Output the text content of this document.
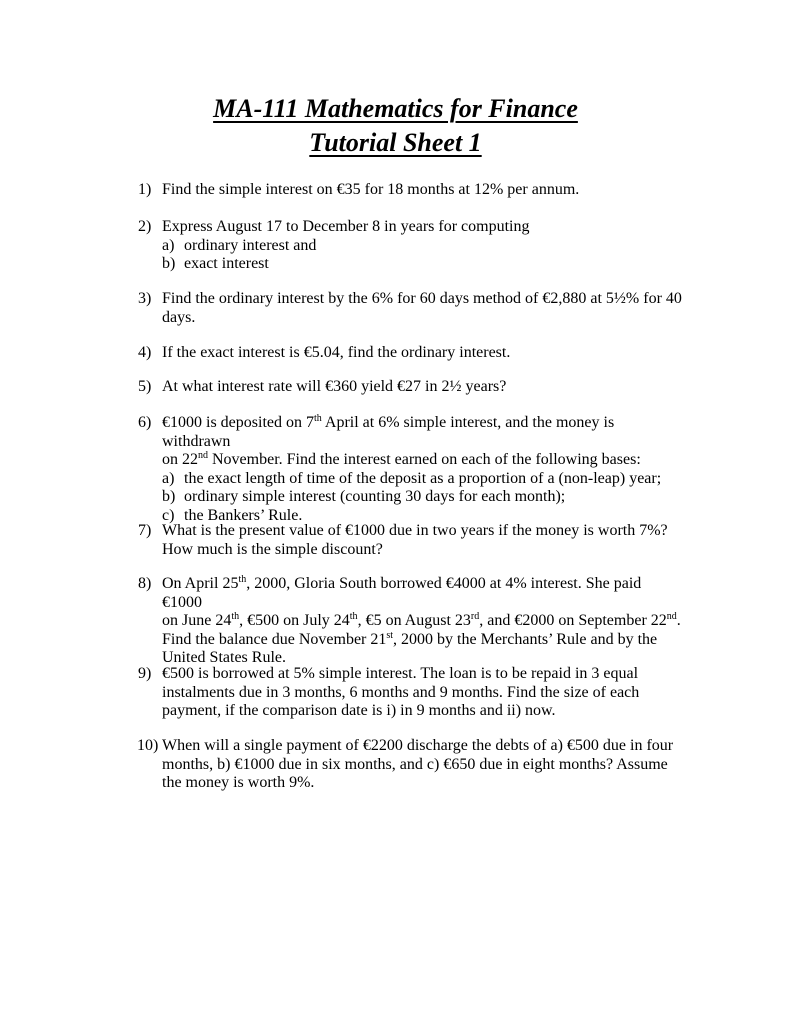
MA-111 Mathematics for Finance
Tutorial Sheet 1
1) Find the simple interest on €35 for 18 months at 12% per annum.
2) Express August 17 to December 8 in years for computing
a) ordinary interest and
b) exact interest
3) Find the ordinary interest by the 6% for 60 days method of €2,880 at 5½% for 40
days.
4) If the exact interest is €5.04, find the ordinary interest.
5) At what interest rate will €360 yield €27 in 2½ years?
6) €1000 is deposited on 7th April at 6% simple interest, and the money is withdrawn
on 22nd November. Find the interest earned on each of the following bases:
a) the exact length of time of the deposit as a proportion of a (non-leap) year;
b) ordinary simple interest (counting 30 days for each month);
c) the Bankers’ Rule.
7) What is the present value of €1000 due in two years if the money is worth 7%?
How much is the simple discount?
8) On April 25th, 2000, Gloria South borrowed €4000 at 4% interest. She paid €1000
on June 24th, €500 on July 24th, €5 on August 23rd, and €2000 on September 22nd.
Find the balance due November 21st, 2000 by the Merchants’ Rule and by the
United States Rule.
9) €500 is borrowed at 5% simple interest. The loan is to be repaid in 3 equal
instalments due in 3 months, 6 months and 9 months. Find the size of each
payment, if the comparison date is i) in 9 months and ii) now.
10) When will a single payment of €2200 discharge the debts of a) €500 due in four
months, b) €1000 due in six months, and c) €650 due in eight months? Assume
the money is worth 9%.
